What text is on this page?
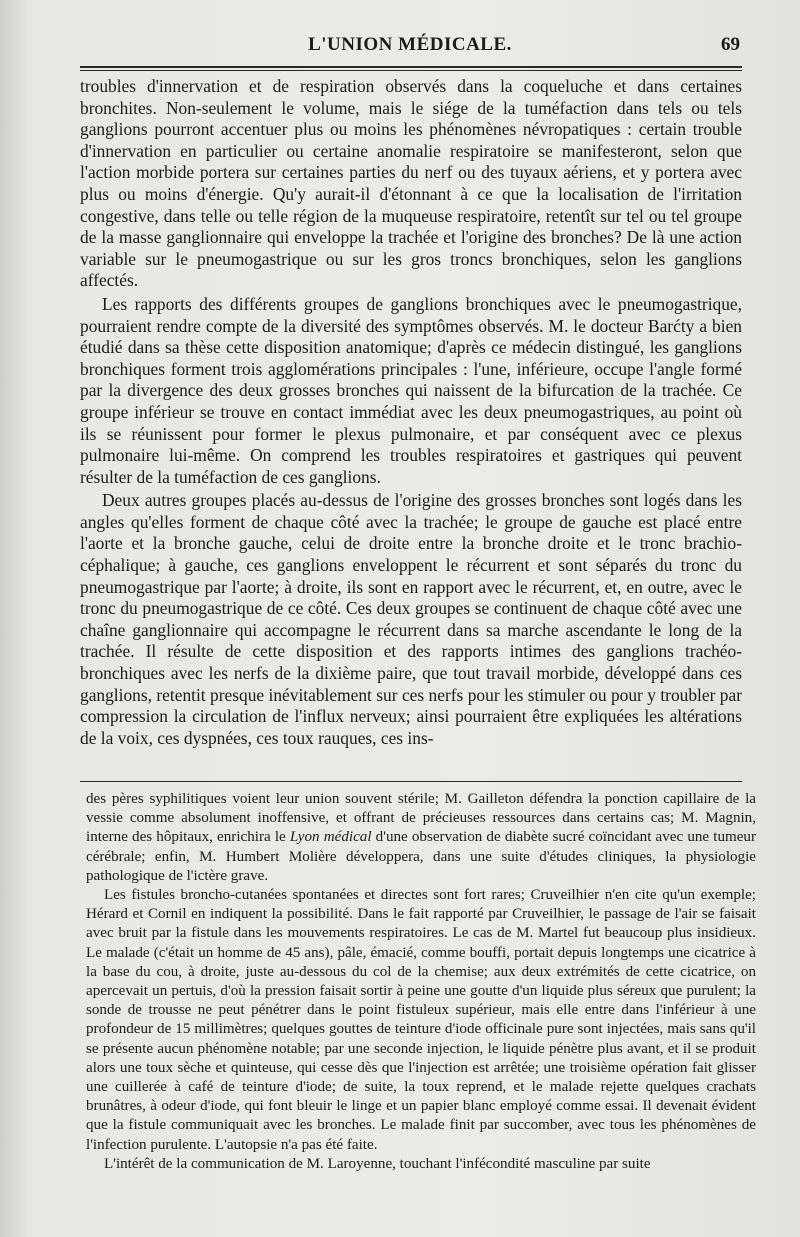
L'UNION MÉDICALE.	69

troubles d'innervation et de respiration observés dans la coqueluche et dans certaines bronchites. Non-seulement le volume, mais le siége de la tuméfaction dans tels ou tels ganglions pourront accentuer plus ou moins les phénomènes névropatiques : certain trouble d'innervation en particulier ou certaine anomalie respiratoire se manifesteront, selon que l'action morbide portera sur certaines parties du nerf ou des tuyaux aériens, et y portera avec plus ou moins d'énergie. Qu'y aurait-il d'étonnant à ce que la localisation de l'irritation congestive, dans telle ou telle région de la muqueuse respiratoire, retentît sur tel ou tel groupe de la masse ganglionnaire qui enveloppe la trachée et l'origine des bronches? De là une action variable sur le pneumogastrique ou sur les gros troncs bronchiques, selon les ganglions affectés.

Les rapports des différents groupes de ganglions bronchiques avec le pneumogastrique, pourraient rendre compte de la diversité des symptômes observés. M. le docteur Barćty a bien étudié dans sa thèse cette disposition anatomique; d'après ce médecin distingué, les ganglions bronchiques forment trois agglomérations principales : l'une, inférieure, occupe l'angle formé par la divergence des deux grosses bronches qui naissent de la bifurcation de la trachée. Ce groupe inférieur se trouve en contact immédiat avec les deux pneumogastriques, au point où ils se réunissent pour former le plexus pulmonaire, et par conséquent avec ce plexus pulmonaire lui-même. On comprend les troubles respiratoires et gastriques qui peuvent résulter de la tuméfaction de ces ganglions.

Deux autres groupes placés au-dessus de l'origine des grosses bronches sont logés dans les angles qu'elles forment de chaque côté avec la trachée; le groupe de gauche est placé entre l'aorte et la bronche gauche, celui de droite entre la bronche droite et le tronc brachio-céphalique; à gauche, ces ganglions enveloppent le récurrent et sont séparés du tronc du pneumogastrique par l'aorte; à droite, ils sont en rapport avec le récurrent, et, en outre, avec le tronc du pneumogastrique de ce côté. Ces deux groupes se continuent de chaque côté avec une chaîne ganglionnaire qui accompagne le récurrent dans sa marche ascendante le long de la trachée. Il résulte de cette disposition et des rapports intimes des ganglions trachéo-bronchiques avec les nerfs de la dixième paire, que tout travail morbide, développé dans ces ganglions, retentit presque inévitablement sur ces nerfs pour les stimuler ou pour y troubler par compression la circulation de l'influx nerveux; ainsi pourraient être expliquées les altérations de la voix, ces dyspnées, ces toux rauques, ces ins-

des pères syphilitiques voient leur union souvent stérile; M. Gailleton défendra la ponction capillaire de la vessie comme absolument inoffensive, et offrant de précieuses ressources dans certains cas; M. Magnin, interne des hôpitaux, enrichira le Lyon médical d'une observation de diabète sucré coïncidant avec une tumeur cérébrale; enfin, M. Humbert Molière développera, dans une suite d'études cliniques, la physiologie pathologique de l'ictère grave.

Les fistules broncho-cutanées spontanées et directes sont fort rares; Cruveilhier n'en cite qu'un exemple; Hérard et Cornil en indiquent la possibilité. Dans le fait rapporté par Cruveilhier, le passage de l'air se faisait avec bruit par la fistule dans les mouvements respiratoires. Le cas de M. Martel fut beaucoup plus insidieux. Le malade (c'était un homme de 45 ans), pâle, émacié, comme bouffi, portait depuis longtemps une cicatrice à la base du cou, à droite, juste au-dessous du col de la chemise; aux deux extrémités de cette cicatrice, on apercevait un pertuis, d'où la pression faisait sortir à peine une goutte d'un liquide plus séreux que purulent; la sonde de trousse ne peut pénétrer dans le point fistuleux supérieur, mais elle entre dans l'inférieur à une profondeur de 15 millimètres; quelques gouttes de teinture d'iode officinale pure sont injectées, mais sans qu'il se présente aucun phénomène notable; par une seconde injection, le liquide pénètre plus avant, et il se produit alors une toux sèche et quinteuse, qui cesse dès que l'injection est arrêtée; une troisième opération fait glisser une cuillerée à café de teinture d'iode; de suite, la toux reprend, et le malade rejette quelques crachats brunâtres, à odeur d'iode, qui font bleuir le linge et un papier blanc employé comme essai. Il devenait évident que la fistule communiquait avec les bronches. Le malade finit par succomber, avec tous les phénomènes de l'infection purulente. L'autopsie n'a pas été faite.

L'intérêt de la communication de M. Laroyenne, touchant l'infécondité masculine par suite
